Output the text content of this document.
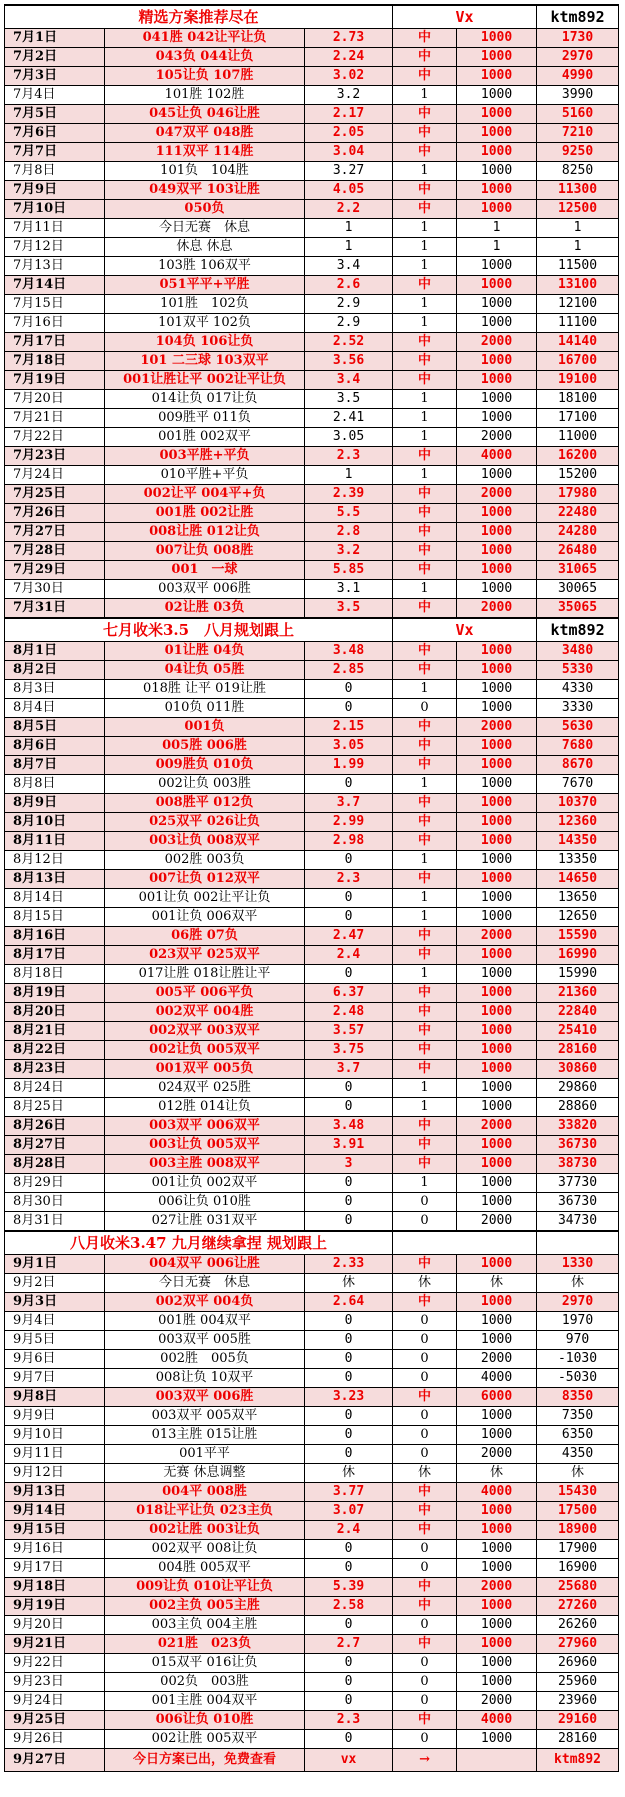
精选方案推荐尽在			Vx		ktm892
7月1日	041胜 042让平让负	2.73	中	1000	1730
7月2日	043负 044让负	2.24	中	1000	2970
7月3日	105让负 107胜	3.02	中	1000	4990
7月4日	101胜 102胜	3.2	1	1000	3990
7月5日	045让负 046让胜	2.17	中	1000	5160
7月6日	047双平 048胜	2.05	中	1000	7210
7月7日	111双平 114胜	3.04	中	1000	9250
7月8日	101负　104胜	3.27	1	1000	8250
7月9日	049双平 103让胜	4.05	中	1000	11300
7月10日	050负	2.2	中	1000	12500
7月11日	今日无赛　休息	1	1	1	1
7月12日	休息 休息	1	1	1	1
7月13日	103胜 106双平	3.4	1	1000	11500
7月14日	051平平+平胜	2.6	中	1000	13100
7月15日	101胜　102负	2.9	1	1000	12100
7月16日	101双平 102负	2.9	1	1000	11100
7月17日	104负 106让负	2.52	中	2000	14140
7月18日	101 二三球 103双平	3.56	中	1000	16700
7月19日	001让胜让平 002让平让负	3.4	中	1000	19100
7月20日	014让负 017让负	3.5	1	1000	18100
7月21日	009胜平 011负	2.41	1	1000	17100
7月22日	001胜 002双平	3.05	1	2000	11000
7月23日	003平胜+平负	2.3	中	4000	16200
7月24日	010平胜+平负	1	1	1000	15200
7月25日	002让平 004平+负	2.39	中	2000	17980
7月26日	001胜 002让胜	5.5	中	1000	22480
7月27日	008让胜 012让负	2.8	中	1000	24280
7月28日	007让负 008胜	3.2	中	1000	26480
7月29日	001　一球	5.85	中	1000	31065
7月30日	003双平 006胜	3.1	1	1000	30065
7月31日	02让胜 03负	3.5	中	2000	35065
七月收米3.5　八月规划跟上			Vx		ktm892
8月1日	01让胜 04负	3.48	中	1000	3480
8月2日	04让负 05胜	2.85	中	1000	5330
8月3日	018胜 让平 019让胜	0	1	1000	4330
8月4日	010负 011胜	0	0	1000	3330
8月5日	001负	2.15	中	2000	5630
8月6日	005胜 006胜	3.05	中	1000	7680
8月7日	009胜负 010负	1.99	中	1000	8670
8月8日	002让负 003胜	0	1	1000	7670
8月9日	008胜平 012负	3.7	中	1000	10370
8月10日	025双平 026让负	2.99	中	1000	12360
8月11日	003让负 008双平	2.98	中	1000	14350
8月12日	002胜 003负	0	1	1000	13350
8月13日	007让负 012双平	2.3	中	1000	14650
8月14日	001让负 002让平让负	0	1	1000	13650
8月15日	001让负 006双平	0	1	1000	12650
8月16日	06胜 07负	2.47	中	2000	15590
8月17日	023双平 025双平	2.4	中	1000	16990
8月18日	017让胜 018让胜让平	0	1	1000	15990
8月19日	005平 006平负	6.37	中	1000	21360
8月20日	002双平 004胜	2.48	中	1000	22840
8月21日	002双平 003双平	3.57	中	1000	25410
8月22日	002让负 005双平	3.75	中	1000	28160
8月23日	001双平 005负	3.7	中	1000	30860
8月24日	024双平 025胜	0	1	1000	29860
8月25日	012胜 014让负	0	1	1000	28860
8月26日	003双平 006双平	3.48	中	2000	33820
8月27日	003让负 005双平	3.91	中	1000	36730
8月28日	003主胜 008双平	3	中	1000	38730
8月29日	001让负 002双平	0	1	1000	37730
8月30日	006让负 010胜	0	0	1000	36730
8月31日	027让胜 031双平	0	0	2000	34730
八月收米3.47 九月继续拿捏 规划跟上					
9月1日	004双平 006让胜	2.33	中	1000	1330
9月2日	今日无赛　休息	休	休	休	休
9月3日	002双平 004负	2.64	中	1000	2970
9月4日	001胜 004双平	0	0	1000	1970
9月5日	003双平 005胜	0	0	1000	970
9月6日	002胜　005负	0	0	2000	-1030
9月7日	008让负 10双平	0	0	4000	-5030
9月8日	003双平 006胜	3.23	中	6000	8350
9月9日	003双平 005双平	0	0	1000	7350
9月10日	013主胜 015让胜	0	0	1000	6350
9月11日	001平平	0	0	2000	4350
9月12日	无赛 休息调整	休	休	休	休
9月13日	004平 008胜	3.77	中	4000	15430
9月14日	018让平让负 023主负	3.07	中	1000	17500
9月15日	002让胜 003让负	2.4	中	1000	18900
9月16日	002双平 008让负	0	0	1000	17900
9月17日	004胜 005双平	0	0	1000	16900
9月18日	009让负 010让平让负	5.39	中	2000	25680
9月19日	002主负 005主胜	2.58	中	1000	27260
9月20日	003主负 004主胜	0	0	1000	26260
9月21日	021胜　023负	2.7	中	1000	27960
9月22日	015双平 016让负	0	0	1000	26960
9月23日	002负　003胜	0	0	1000	25960
9月24日	001主胜 004双平	0	0	2000	23960
9月25日	006让负 010胜	2.3	中	4000	29160
9月26日	002让胜 005双平	0	0	1000	28160
9月27日	今日方案已出，免费查看	vx	→		ktm892
